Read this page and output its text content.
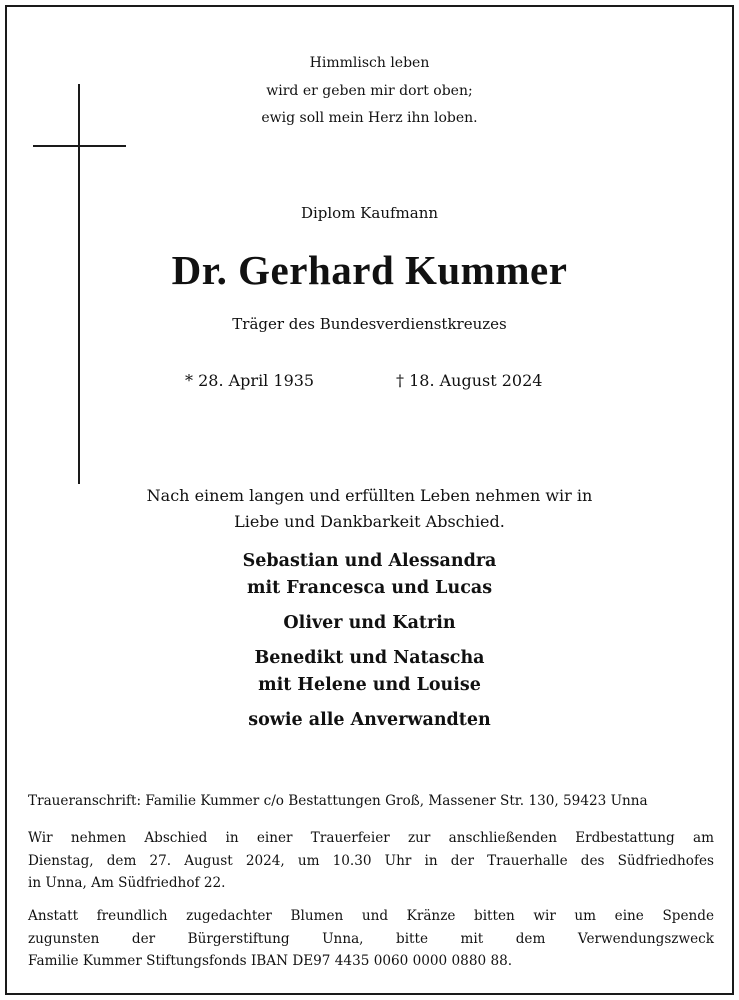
Himmlisch leben
wird er geben mir dort oben;
ewig soll mein Herz ihn loben.
Diplom Kaufmann
Dr. Gerhard Kummer
Träger des Bundesverdienstkreuzes
* 28. April 1935	† 18. August 2024
Nach einem langen und erfüllten Leben nehmen wir in
Liebe und Dankbarkeit Abschied.
Sebastian und Alessandra
mit Francesca und Lucas
Oliver und Katrin
Benedikt und Natascha
mit Helene und Louise
sowie alle Anverwandten
Traueranschrift: Familie Kummer c/o Bestattungen Groß, Massener Str. 130, 59423 Unna
Wir nehmen Abschied in einer Trauerfeier zur anschließenden Erdbestattung am
Dienstag, dem 27. August 2024, um 10.30 Uhr in der Trauerhalle des Südfriedhofes
in Unna, Am Südfriedhof 22.
Anstatt freundlich zugedachter Blumen und Kränze bitten wir um eine Spende
zugunsten der Bürgerstiftung Unna, bitte mit dem Verwendungszweck
Familie Kummer Stiftungsfonds IBAN DE97 4435 0060 0000 0880 88.
